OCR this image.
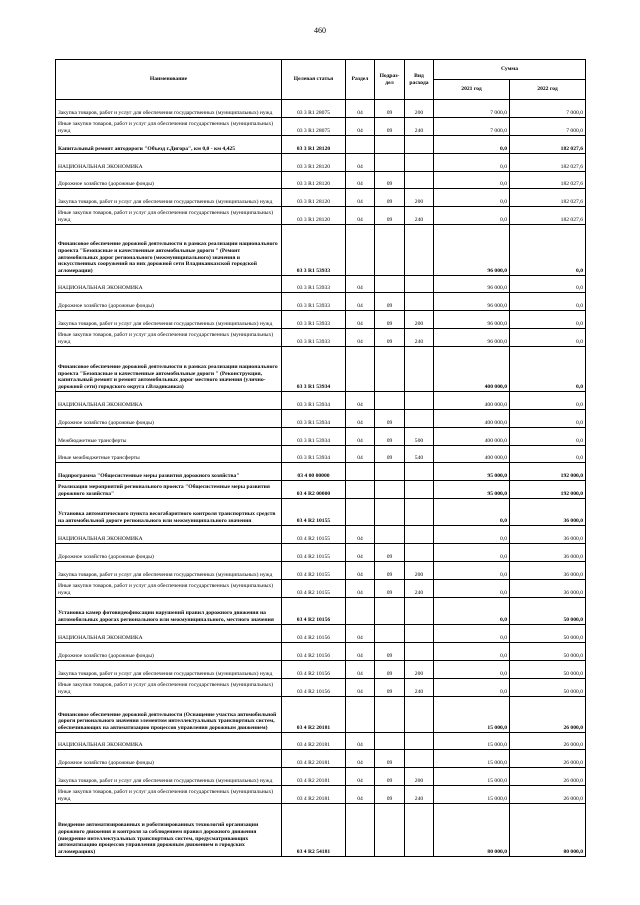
460
Наименование	Целевая статья	Раздел	Подраз-дел	Вид расхода	Сумма	
					2021 год	2022 год
Закупка товаров, работ и услуг для обеспечения государственных (муниципальных) нужд	03 3 R1 28075	04	09	200	7 000,0	7 000,0
Иные закупки товаров, работ и услуг для обеспечения государственных (муниципальных) нужд	03 3 R1 28075	04	09	240	7 000,0	7 000,0
Капитальный ремонт автодороги "Объезд г.Дигора", км 0,0 - км 4,425	03 3 R1 28120				0,0	182 027,6
НАЦИОНАЛЬНАЯ ЭКОНОМИКА	03 3 R1 28120	04			0,0	182 027,6
Дорожное хозяйство (дорожные фонды)	03 3 R1 28120	04	09		0,0	182 027,6
Закупка товаров, работ и услуг для обеспечения государственных (муниципальных) нужд	03 3 R1 28120	04	09	200	0,0	182 027,6
Иные закупки товаров, работ и услуг для обеспечения государственных (муниципальных) нужд	03 3 R1 28120	04	09	240	0,0	182 027,6
Финансовое обеспечение дорожной деятельности в рамках реализации национального проекта "Безопасные и качественные автомобильные дороги " (Ремонт автомобильных дорог регионального (межмуниципального) значения и искусственных сооружений на них дорожной сети Владикавказской городской агломерации)	03 3 R1 53933				96 000,0	0,0
НАЦИОНАЛЬНАЯ ЭКОНОМИКА	03 3 R1 53933	04			96 000,0	0,0
Дорожное хозяйство (дорожные фонды)	03 3 R1 53933	04	09		96 000,0	0,0
Закупка товаров, работ и услуг для обеспечения государственных (муниципальных) нужд	03 3 R1 53933	04	09	200	96 000,0	0,0
Иные закупки товаров, работ и услуг для обеспечения государственных (муниципальных) нужд	03 3 R1 53933	04	09	240	96 000,0	0,0
Финансовое обеспечение дорожной деятельности в рамках реализации национального проекта "Безопасные и качественные автомобильные дороги " (Реконструкция, капитальный ремонт и ремонт автомобильных дорог местного значения (улично-дорожной сети) городского округа г.Владикавказ)	03 3 R1 53934				400 000,0	0,0
НАЦИОНАЛЬНАЯ ЭКОНОМИКА	03 3 R1 53934	04			400 000,0	0,0
Дорожное хозяйство (дорожные фонды)	03 3 R1 53934	04	09		400 000,0	0,0
Межбюджетные трансферты	03 3 R1 53934	04	09	500	400 000,0	0,0
Иные межбюджетные трансферты	03 3 R1 53934	04	09	540	400 000,0	0,0
Подпрограмма "Общесистемные меры развития дорожного хозяйства"	03 4 00 00000				95 000,0	192 000,0
Реализация мероприятий регионального проекта "Общесистемные меры развития дорожного хозяйства"	03 4 R2 00000				95 000,0	192 000,0
Установка автоматического пункта весогабаритного контроля транспортных средств на автомобильной дороге регионального или межмуниципального значения	03 4 R2 10155				0,0	36 000,0
НАЦИОНАЛЬНАЯ ЭКОНОМИКА	03 4 R2 10155	04			0,0	36 000,0
Дорожное хозяйство (дорожные фонды)	03 4 R2 10155	04	09		0,0	36 000,0
Закупка товаров, работ и услуг для обеспечения государственных (муниципальных) нужд	03 4 R2 10155	04	09	200	0,0	36 000,0
Иные закупки товаров, работ и услуг для обеспечения государственных (муниципальных) нужд	03 4 R2 10155	04	09	240	0,0	36 000,0
Установка камер фотовидеофиксации нарушений правил дорожного движения на автомобильных дорогах регионального или межмуниципального, местного значения	03 4 R2 10156				0,0	50 000,0
НАЦИОНАЛЬНАЯ ЭКОНОМИКА	03 4 R2 10156	04			0,0	50 000,0
Дорожное хозяйство (дорожные фонды)	03 4 R2 10156	04	09		0,0	50 000,0
Закупка товаров, работ и услуг для обеспечения государственных (муниципальных) нужд	03 4 R2 10156	04	09	200	0,0	50 000,0
Иные закупки товаров, работ и услуг для обеспечения государственных (муниципальных) нужд	03 4 R2 10156	04	09	240	0,0	50 000,0
Финансовое обеспечение дорожной деятельности (Оснащение участка автомобильной дороги регионального значения элементом интеллектуальных транспортных систем, обеспечивающих на автоматизацию процессов управления дорожным движением)	03 4 R2 20181				15 000,0	26 000,0
НАЦИОНАЛЬНАЯ ЭКОНОМИКА	03 4 R2 20181	04			15 000,0	26 000,0
Дорожное хозяйство (дорожные фонды)	03 4 R2 20181	04	09		15 000,0	26 000,0
Закупка товаров, работ и услуг для обеспечения государственных (муниципальных) нужд	03 4 R2 20181	04	09	200	15 000,0	26 000,0
Иные закупки товаров, работ и услуг для обеспечения государственных (муниципальных) нужд	03 4 R2 20181	04	09	240	15 000,0	26 000,0
Внедрение автоматизированных и роботизированных технологий организации дорожного движения и контроля за соблюдением правил дорожного движения (внедрение интеллектуальных транспортных систем, предусматривающих автоматизацию процессов управления дорожным движением в городских агломерациях)	03 4 R2 54181				80 000,0	80 000,0
